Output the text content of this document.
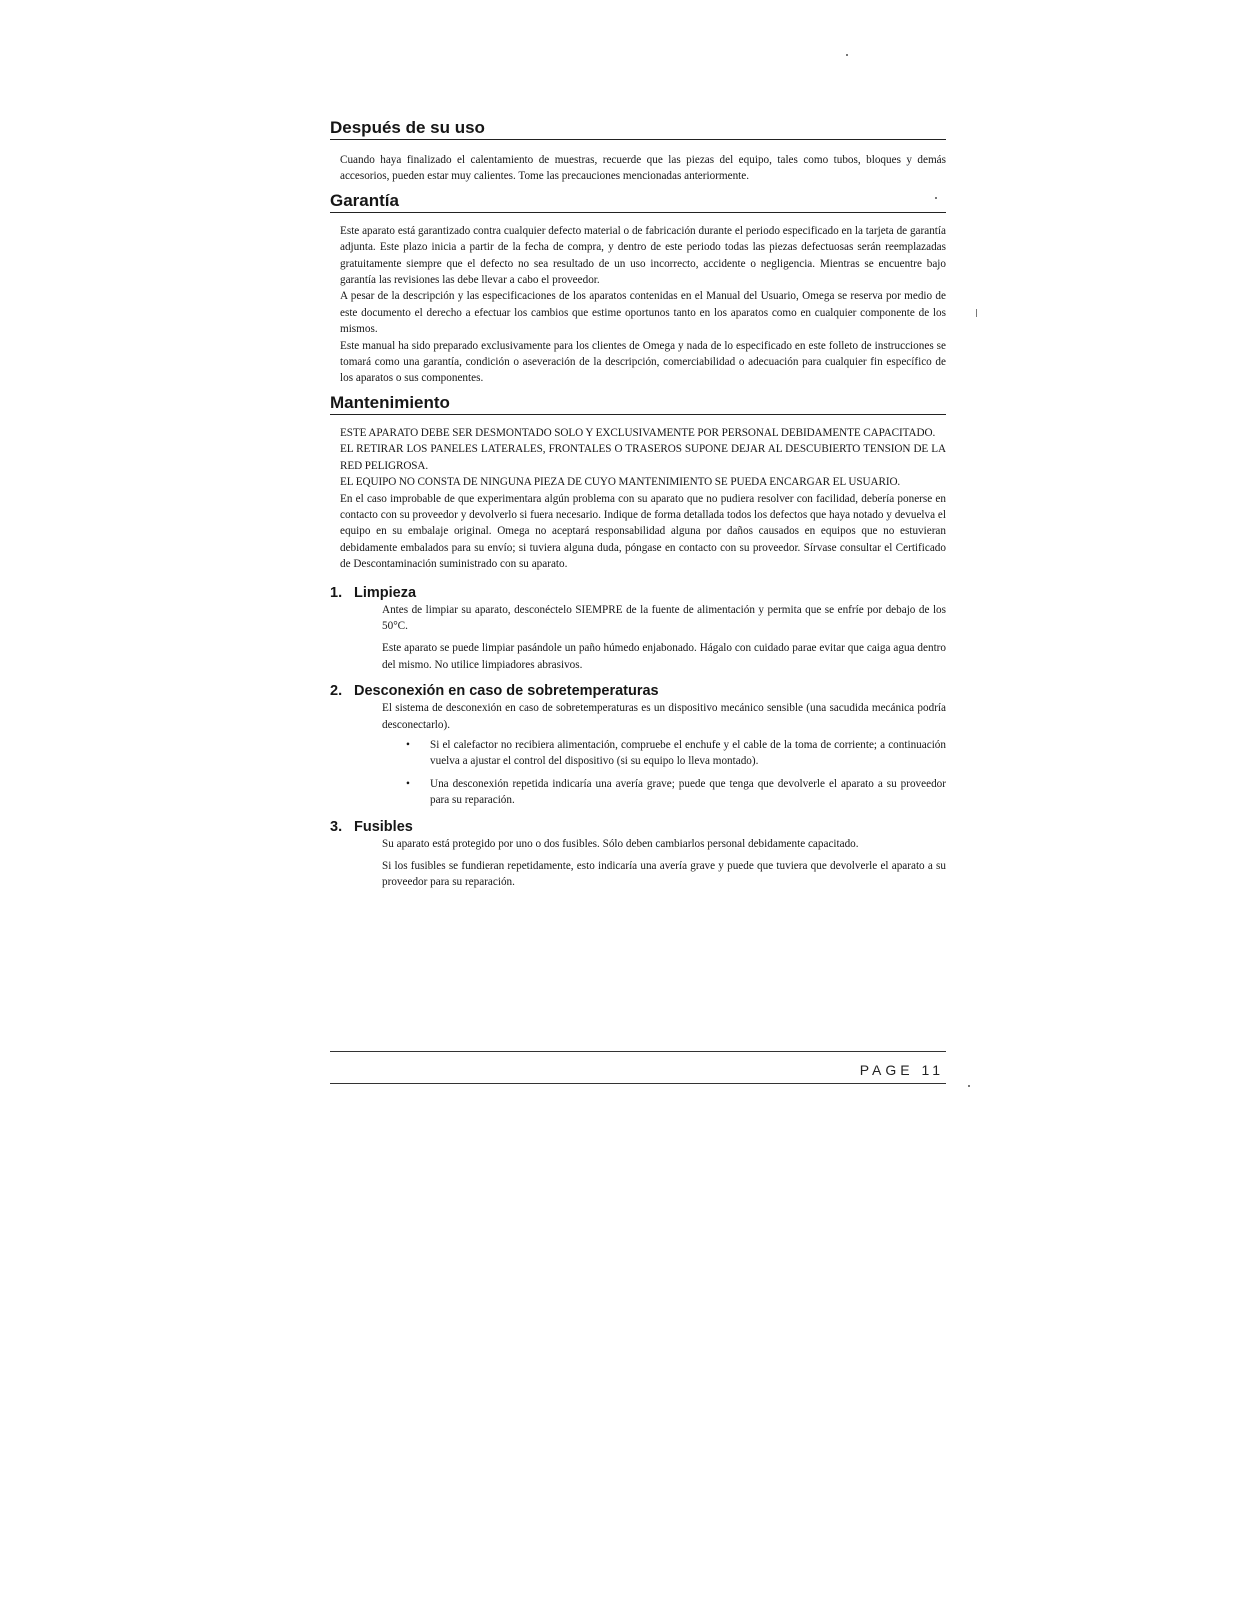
Después de su uso

Cuando haya finalizado el calentamiento de muestras, recuerde que las piezas del equipo, tales como tubos, bloques y demás accesorios, pueden estar muy calientes. Tome las precauciones mencionadas anteriormente.

Garantía

Este aparato está garantizado contra cualquier defecto material o de fabricación durante el periodo especificado en la tarjeta de garantía adjunta. Este plazo inicia a partir de la fecha de compra, y dentro de este periodo todas las piezas defectuosas serán reemplazadas gratuitamente siempre que el defecto no sea resultado de un uso incorrecto, accidente o negligencia. Mientras se encuentre bajo garantía las revisiones las debe llevar a cabo el proveedor.

A pesar de la descripción y las especificaciones de los aparatos contenidas en el Manual del Usuario, Omega se reserva por medio de este documento el derecho a efectuar los cambios que estime oportunos tanto en los aparatos como en cualquier componente de los mismos.

Este manual ha sido preparado exclusivamente para los clientes de Omega y nada de lo especificado en este folleto de instrucciones se tomará como una garantía, condición o aseveración de la descripción, comerciabilidad o adecuación para cualquier fin específico de los aparatos o sus componentes.

Mantenimiento

ESTE APARATO DEBE SER DESMONTADO SOLO Y EXCLUSIVAMENTE POR PERSONAL DEBIDAMENTE CAPACITADO.

EL RETIRAR LOS PANELES LATERALES, FRONTALES O TRASEROS SUPONE DEJAR AL DESCUBIERTO TENSION DE LA RED PELIGROSA.

EL EQUIPO NO CONSTA DE NINGUNA PIEZA DE CUYO MANTENIMIENTO SE PUEDA ENCARGAR EL USUARIO.

En el caso improbable de que experimentara algún problema con su aparato que no pudiera resolver con facilidad, debería ponerse en contacto con su proveedor y devolverlo si fuera necesario. Indique de forma detallada todos los defectos que haya notado y devuelva el equipo en su embalaje original. Omega no aceptará responsabilidad alguna por daños causados en equipos que no estuvieran debidamente embalados para su envío; si tuviera alguna duda, póngase en contacto con su proveedor. Sírvase consultar el Certificado de Descontaminación suministrado con su aparato.

1. Limpieza

Antes de limpiar su aparato, desconéctelo SIEMPRE de la fuente de alimentación y permita que se enfríe por debajo de los 50°C.

Este aparato se puede limpiar pasándole un paño húmedo enjabonado. Hágalo con cuidado parae evitar que caiga agua dentro del mismo. No utilice limpiadores abrasivos.

2. Desconexión en caso de sobretemperaturas

El sistema de desconexión en caso de sobretemperaturas es un dispositivo mecánico sensible (una sacudida mecánica podría desconectarlo).

• Si el calefactor no recibiera alimentación, compruebe el enchufe y el cable de la toma de corriente; a continuación vuelva a ajustar el control del dispositivo (si su equipo lo lleva montado).

• Una desconexión repetida indicaría una avería grave; puede que tenga que devolverle el aparato a su proveedor para su reparación.

3. Fusibles

Su aparato está protegido por uno o dos fusibles. Sólo deben cambiarlos personal debidamente capacitado.

Si los fusibles se fundieran repetidamente, esto indicaría una avería grave y puede que tuviera que devolverle el aparato a su proveedor para su reparación.

PAGE 11
